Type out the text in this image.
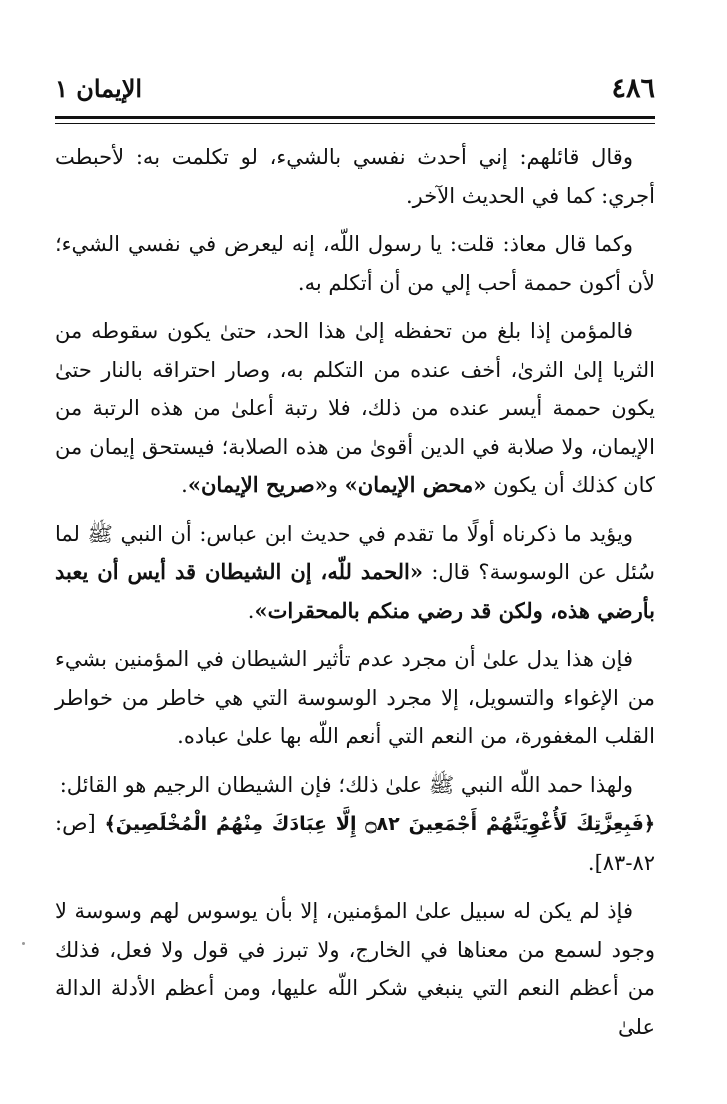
٤٨٦
الإيمان ١

وقال قائلهم: إني أحدث نفسي بالشيء، لو تكلمت به: لأحبطت أجري: كما في الحديث الآخر.

وكما قال معاذ: قلت: يا رسول اللّه، إنه ليعرض في نفسي الشيء؛ لأن أكون حممة أحب إلي من أن أتكلم به.

فالمؤمن إذا بلغ من تحفظه إلىٰ هذا الحد، حتىٰ يكون سقوطه من الثريا إلىٰ الثرىٰ، أخف عنده من التكلم به، وصار احتراقه بالنار حتىٰ يكون حممة أيسر عنده من ذلك، فلا رتبة أعلىٰ من هذه الرتبة من الإيمان، ولا صلابة في الدين أقوىٰ من هذه الصلابة؛ فيستحق إيمان من كان كذلك أن يكون «محض الإيمان» و«صريح الإيمان».

ويؤيد ما ذكرناه أولًا ما تقدم في حديث ابن عباس: أن النبي ﷺ لما سُئل عن الوسوسة؟ قال: «الحمد للّه، إن الشيطان قد أيس أن يعبد بأرضي هذه، ولكن قد رضي منكم بالمحقرات».

فإن هذا يدل علىٰ أن مجرد عدم تأثير الشيطان في المؤمنين بشيء من الإغواء والتسويل، إلا مجرد الوسوسة التي هي خاطر من خواطر القلب المغفورة، من النعم التي أنعم اللّه بها علىٰ عباده.

ولهذا حمد اللّه النبي ﷺ علىٰ ذلك؛ فإن الشيطان الرجيم هو القائل:
﴿فَبِعِزَّتِكَ لَأُغْوِيَنَّهُمْ أَجْمَعِينَ ۝٨٢ إِلَّا عِبَادَكَ مِنْهُمُ الْمُخْلَصِينَ﴾ [ص: ٨٢-٨٣].

فإذ لم يكن له سبيل علىٰ المؤمنين، إلا بأن يوسوس لهم وسوسة لا وجود لسمع من معناها في الخارج، ولا تبرز في قول ولا فعل، فذلك من أعظم النعم التي ينبغي شكر اللّه عليها، ومن أعظم الأدلة الدالة علىٰ
